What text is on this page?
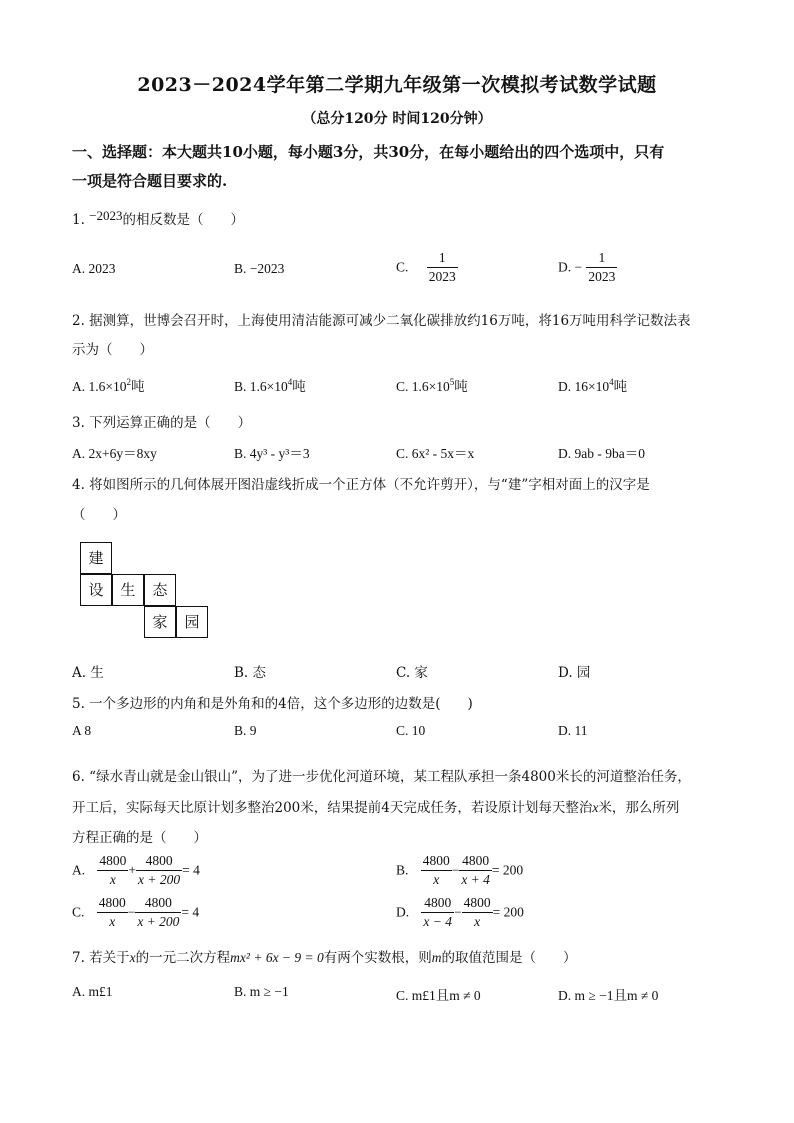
2023－2024学年第二学期九年级第一次模拟考试数学试题
（总分120分 时间120分钟）
一、选择题：本大题共10小题，每小题3分，共30分，在每小题给出的四个选项中，只有
一项是符合题目要求的.
1. $^{-2023}$的相反数是（　　）
A. 2023	B. −2023	C. $\frac{1}{2023}$	D. − $\frac{1}{2023}$
2. 据测算，世博会召开时，上海使用清洁能源可减少二氧化碳排放约16万吨，将16万吨用科学记数法表
示为（　　）
A. $1.6\times 10^2$吨	B. $1.6\times 10^4$吨	C. $1.6\times 10^5$吨	D. $16\times 10^4$吨
3. 下列运算正确的是（　　）
A. 2x+6y＝8xy	B. 4y³ - y³＝3	C. 6x² - 5x＝x	D. 9ab - 9ba＝0
4. 将如图所示的几何体展开图沿虚线折成一个正方体（不允许剪开），与“建”字相对面上的汉字是
（　　）
建
设	生	态
家	园
A. 生	B. 态	C. 家	D. 园
5. 一个多边形的内角和是外角和的4倍，这个多边形的边数是(　　)
A 8	B. 9	C. 10	D. 11
6. “绿水青山就是金山银山”，为了进一步优化河道环境，某工程队承担一条4800米长的河道整治任务，
开工后，实际每天比原计划多整治200米，结果提前4天完成任务，若设原计划每天整治x米，那么所列
方程正确的是（　　）
A. $\frac{4800}{x} + \frac{4800}{x + 200} = 4$	B. $\frac{4800}{x} - \frac{4800}{x + 4} = 200$
C. $\frac{4800}{x} - \frac{4800}{x + 200} = 4$	D. $\frac{4800}{x - 4} - \frac{4800}{x} = 200$
7. 若关于x的一元二次方程mx² + 6x − 9 = 0有两个实数根，则m的取值范围是（　　）
A. m£1	B. m ≥ −1	C. m£1且m ≠ 0	D. m ≥ −1且m ≠ 0
